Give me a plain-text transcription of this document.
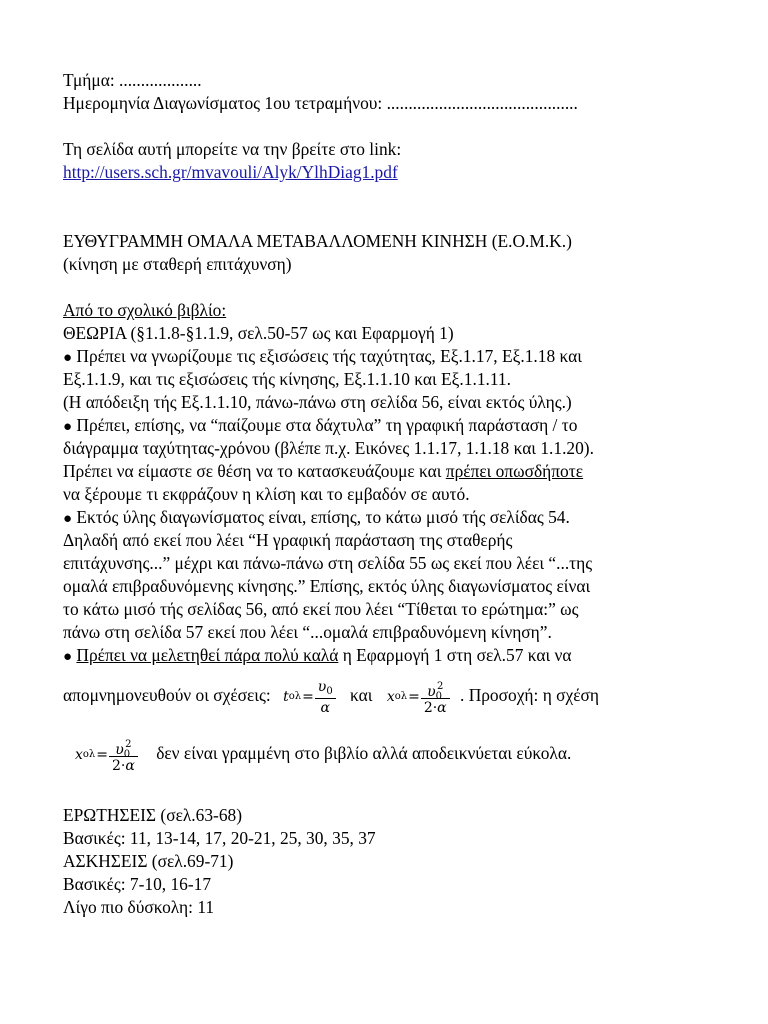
Τμήμα: ...................
Ημερομηνία Διαγωνίσματος 1ου τετραμήνου: ............................................
Τη σελίδα αυτή μπορείτε να την βρείτε στο link:
http://users.sch.gr/mvavouli/Alyk/YlhDiag1.pdf
ΕΥΘΥΓΡΑΜΜΗ ΟΜΑΛΑ ΜΕΤΑΒΑΛΛΟΜΕΝΗ ΚΙΝΗΣΗ (Ε.Ο.Μ.Κ.)
(κίνηση με σταθερή επιτάχυνση)
Από το σχολικό βιβλίο:
ΘΕΩΡΙΑ (§1.1.8-§1.1.9, σελ.50-57 ως και Εφαρμογή 1)
● Πρέπει να γνωρίζουμε τις εξισώσεις τής ταχύτητας, Εξ.1.17, Εξ.1.18 και
Εξ.1.1.9, και τις εξισώσεις τής κίνησης, Εξ.1.1.10 και Εξ.1.1.11.
(Η απόδειξη τής Εξ.1.1.10, πάνω-πάνω στη σελίδα 56, είναι εκτός ύλης.)
● Πρέπει, επίσης, να “παίζουμε στα δάχτυλα” τη γραφική παράσταση / το
διάγραμμα ταχύτητας-χρόνου (βλέπε π.χ. Εικόνες 1.1.17, 1.1.18 και 1.1.20).
Πρέπει να είμαστε σε θέση να το κατασκευάζουμε και πρέπει οπωσδήποτε
να ξέρουμε τι εκφράζουν η κλίση και το εμβαδόν σε αυτό.
● Εκτός ύλης διαγωνίσματος είναι, επίσης, το κάτω μισό τής σελίδας 54.
Δηλαδή από εκεί που λέει “Η γραφική παράσταση της σταθερής
επιτάχυνσης...” μέχρι και πάνω-πάνω στη σελίδα 55 ως εκεί που λέει “...της
ομαλά επιβραδυνόμενης κίνησης.” Επίσης, εκτός ύλης διαγωνίσματος είναι
το κάτω μισό τής σελίδας 56, από εκεί που λέει “Τίθεται το ερώτημα:” ως
πάνω στη σελίδα 57 εκεί που λέει “...ομαλά επιβραδυνόμενη κίνηση”.
● Πρέπει να μελετηθεί πάρα πολύ καλά η Εφαρμογή 1 στη σελ.57 και να
απομνημονευθούν οι σχέσεις: t $o\lambda = \frac{\upsilon_0}{\alpha}$ και x $o\lambda = \frac{\upsilon_0^2}{2\cdot\alpha}$ . Προσοχή: η σχέση
x $o\lambda = \frac{\upsilon_0^2}{2\cdot\alpha}$ δεν είναι γραμμένη στο βιβλίο αλλά αποδεικνύεται εύκολα.
ΕΡΩΤΗΣΕΙΣ (σελ.63-68)
Βασικές: 11, 13-14, 17, 20-21, 25, 30, 35, 37
ΑΣΚΗΣΕΙΣ (σελ.69-71)
Βασικές: 7-10, 16-17
Λίγο πιο δύσκολη: 11
